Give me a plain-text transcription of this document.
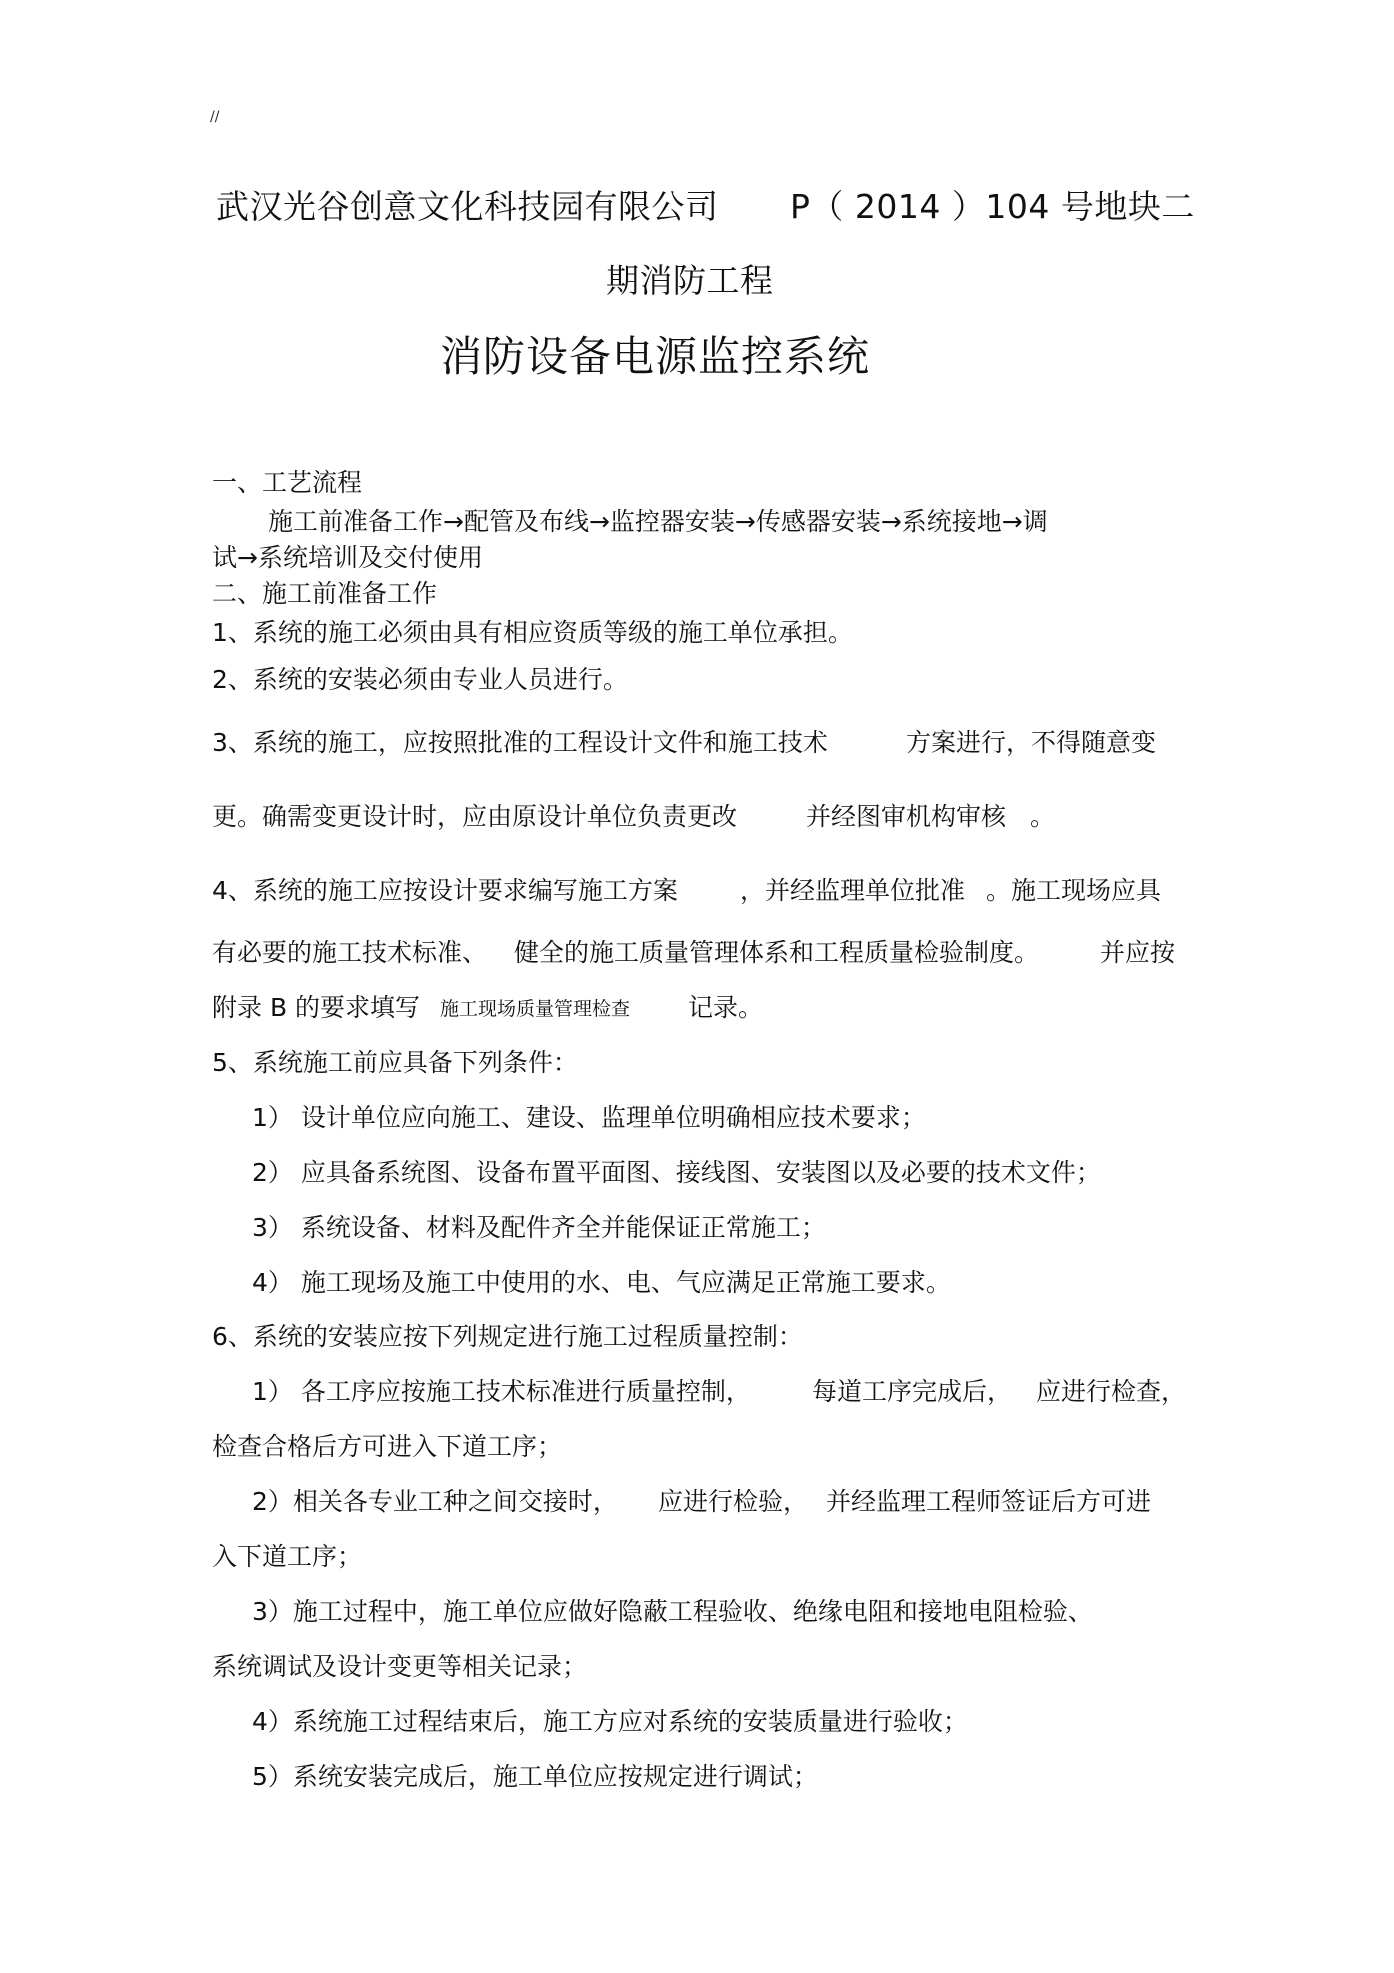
//
武汉光谷创意文化科技园有限公司 P（ 2014 ）104 号地块二
期消防工程
消防设备电源监控系统
一、工艺流程
施工前准备工作→配管及布线→监控器安装→传感器安装→系统接地→调
试→系统培训及交付使用
二、施工前准备工作
1、系统的施工必须由具有相应资质等级的施工单位承担。
2、系统的安装必须由专业人员进行。
3、系统的施工，应按照批准的工程设计文件和施工技术	方案进行，不得随意变
更。确需变更设计时，应由原设计单位负责更改	并经图审机构审核 。
4、系统的施工应按设计要求编写施工方案 ，并经监理单位批准 。施工现场应具
有必要的施工技术标准、 健全的施工质量管理体系和工程质量检验制度。 并应按
附录 B 的要求填写 施工现场质量管理检查 记录。
5、系统施工前应具备下列条件：
1） 设计单位应向施工、建设、监理单位明确相应技术要求；
2） 应具备系统图、设备布置平面图、接线图、安装图以及必要的技术文件；
3） 系统设备、材料及配件齐全并能保证正常施工；
4） 施工现场及施工中使用的水、电、气应满足正常施工要求。
6、系统的安装应按下列规定进行施工过程质量控制：
1） 各工序应按施工技术标准进行质量控制， 每道工序完成后， 应进行检查，
检查合格后方可进入下道工序；
2）相关各专业工种之间交接时， 应进行检验， 并经监理工程师签证后方可进
入下道工序；
3）施工过程中，施工单位应做好隐蔽工程验收、绝缘电阻和接地电阻检验、
系统调试及设计变更等相关记录；
4）系统施工过程结束后，施工方应对系统的安装质量进行验收；
5）系统安装完成后，施工单位应按规定进行调试；
